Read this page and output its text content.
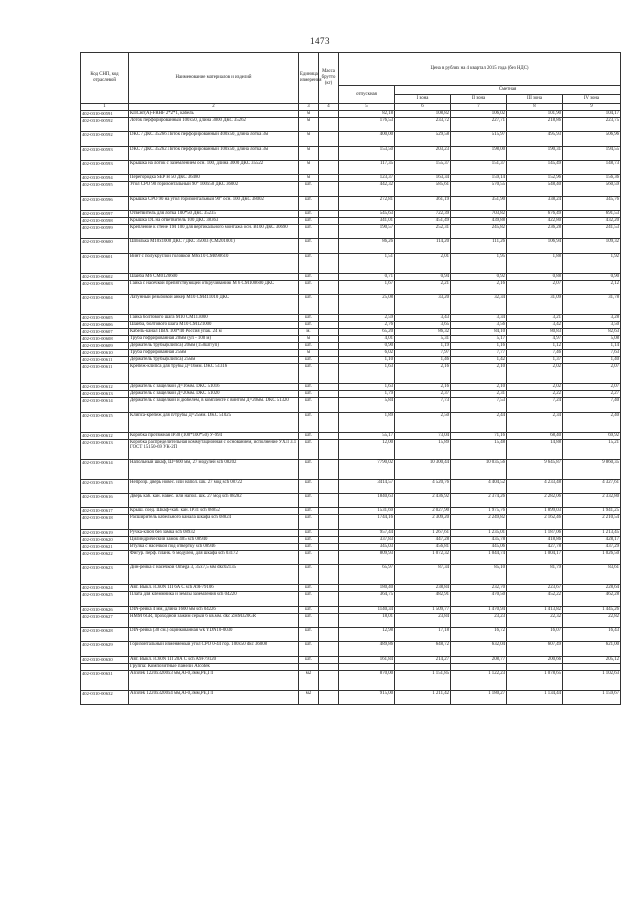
1473
Код СНП, код отраслевой	Наименование материалов и изделий	Единица измерения	Масса брутто (кг)	Цена в рублях на 4 квартал 2015 года (без НДС)				
				отпускная	Сметная			
					I зона	II зона	III зона	IV зона
1	2	3	4	5	6	7	8	9
402-0310-00591	КПСнг(А)-FRHF 2*2*1, кабель	м		82,18	108,82	106,02	101,90	104,17
402-0310-00592	Лоток перфорированный 100x50, длина 3000 ДКС 35262	м		176,53	233,72	227,71	218,86	223,75
402-0310-00592	DKC / ДКС 35266 Лоток перфорированный 400x50, длина лотка 3м	м		400,00	529,58	515,97	495,93	506,96
402-0310-00593	DKC / ДКС 35262 Лоток перфорированный 100x50, длина лотка 3м	м		153,50	203,23	198,00	190,31	194,55
402-0310-00593	Крышка на лоток с заземлением осн. 100, длина 3000 ДКС 35522	м		117,35	155,37	151,37	145,49	148,73
402-0310-00594	Перегородка SEP H 50 ДКС 36480	м		123,37	163,34	159,14	152,96	156,36
402-0310-00595	Угол СРО 90 горизонтальный 90° 100x50 ДКС 36002	шт.		442,32	585,61	570,55	548,40	560,59
402-0310-00596	Крышка CPO 90 на угол горизонтальный 90° осн. 100 ДКС 38002	шт.		272,81	361,19	351,90	338,24	345,76
402-0310-00597	Ответвитель для лотка 100*50 ДКС 35235	шт.		545,63	722,39	703,82	676,49	691,53
402-0310-00598	Крышка DL на ответвитель 100 ДКС 38363	шт.		341,01	451,49	439,88	422,80	432,20
402-0310-00599	Крепление к стене ТМ 100 для вертикального монтажа осн. В100 ДКС 30690	шт.		190,57	252,31	245,82	236,28	241,53
402-0310-00600	Шпилька М10x1000 ДКС / ДКС 35003 (СМ201001)	шт.		86,26	114,20	111,26	106,94	109,32
402-0310-00601	Винт с полукруглой головкой М6x10 СМ090610	шт.		1,51	2,01	1,95	1,88	1,92
402-0310-00602	Шайба М6 СМ0120600	шт.		0,71	0,94	0,92	0,88	0,90
402-0310-00603	Гайка с насечкой препятствующей откручиванию М 6 СМ100600 ДКС	шт.		1,67	2,21	2,16	2,07	2,12
402-0310-00604	Латунный резьбовой анкер М10 СМ411010 ДКС	шт.		25,08	33,20	32,34	31,09	31,78
402-0310-00605	Гайка болтового шага М10 СМ113000	шт.		2,59	3,43	3,34	3,21	3,28
402-0310-00606	Шайба, болтового шага М10 СМ121000	шт.		2,76	3,65	3,56	3,42	3,50
402-0310-00607	Кабель-канал ПВХ 100*40 Россия упак. 24 м	м.		65,20	86,32	84,10	80,83	82,63
402-0310-00608	Труба гофрированная 20мм (уп - 100 м)	м		4,01	5,31	5,17	4,97	5,08
402-0310-00609	Держатель трубы(клипса) 20мм (150шт/уп)	шт.		0,90	1,19	1,16	1,12	1,14
402-0310-00610	Труба гофрированная 25мм	м		6,02	7,97	7,77	7,46	7,63
402-0310-00611	Держатель трубы(клипса) 25мм	шт.		1,10	1,46	1,42	1,37	1,40
402-0310-00611	Крепеж-клипса для трубы Д=16мм. DKC 51316	шт.		1,63	2,16	2,10	2,02	2,07
402-0310-00612	Держатель с защелкой Д=16мм. DKC 51016	шт.		1,63	2,16	2,10	2,02	2,07
402-0310-00613	Держатель с защелкой Д=20мм. DKC 51020	шт.		1,79	2,37	2,31	2,22	2,27
402-0310-00614	Держатель с защелкой и дюбелем, в комплекте с винтом Д=20мм. DKC 51320	шт.		5,84	7,73	7,53	7,24	7,40
402-0310-00615	Клипса-крепеж для п/трубы Д=25мм. DKC 51025	шт.		1,89	2,50	2,44	2,34	2,40
402-0310-00612	Коробка протяжная IP30 (100*100*50) У-994	шт.		55,17	73,04	71,16	68,40	69,92
402-0310-00613	Коробка распределительная коммутационная с основанием, исполнение УХЛ 3.1 ГОСТ 15150-69 УК-2П	шт.		12,00	15,89	15,48	14,88	15,21
402-0310-00614	Напольный шкаф, Ш=600 мм, 27 модулей sch 08202	шт.		7790,02	10 300,44	10 035,56	9 645,87	9 860,35
402-0310-00615	Непрозр. дверь новес. или напол. шк. 27 мод sch 08722	шт.		3414,57	4 520,76	4 404,52	4 233,48	4 327,61
402-0310-00616	Дверь каб. кан. навес. или напол. шк. 27 мод sch 08282	шт.		1840,63	2 436,92	2 374,26	2 282,06	2 332,80
402-0310-00617	Крыш. соед. Шкаф+каб. кан. IP31 sch 08852	шт.		1531,69	2 027,90	1 975,76	1 899,03	1 941,25
402-0310-00618	Расширитель кабельного канала шкафа sch 08824	шт.		1744,16	2 309,20	2 249,82	2 162,46	2 210,54
402-0310-00619	Ручка-ключ без замка sch 08932	шт.		957,44	1 267,61	1 235,01	1 187,06	1 213,45
402-0310-00620	Цилиндрический замок 405 sch 08940	шт.		337,83	447,28	435,78	418,86	428,17
402-0310-00621	Втулка с насечкой под отвертку sch 08946	шт.		345,03	456,81	445,06	427,78	437,29
402-0310-00622	Фигур. перф. планк. 6 модулей, для шкафа sch 03172	шт.		809,93	1 072,32	1 044,74	1 004,17	1 026,50
402-0310-00623	Дин-рейка с насечкой Omega 3, 35x7,5 мм dkc02135	шт.		65,97	87,34	85,10	81,79	83,61
402-0310-00624	Авт. Выкл. iC60N 1П 6А С sch A9F79106	шт.		180,40	238,84	232,70	223,67	228,64
402-0310-00625	Плата для клеммника и землы заземления sch 04220	шт.		364,75	482,91	470,50	452,22	462,28
402-0310-00626	DIN-рейка 4 мм, длина 1600 мм sch 04226	шт.		1140,34	1 509,77	1 470,94	1 413,82	1 445,26
402-0310-00627	НММ 6GR, проходной зажим серый 6 кв.мм. dkc ZHM320GR	шт.		18,01	23,84	23,23	22,32	22,82
402-0310-00628	DIN-рейка (30 см.) оцинкованная wk YDN10-0030	шт.		12,98	17,18	16,72	16,07	16,43
402-0310-00629	Горизонтальный изменяемый угол СРО 0-44 гор. 100x50 dkc 36008	шт.		489,86	648,72	632,04	607,49	621,00
402-0310-00630	Авт. Выкл. iC60N 1П 20А С sch A9F79120	шт.		161,84	214,27	208,77	200,66	205,12
	Группа: Композитные панели Alcotek							
402-0310-00631	Alcotek 1220x3200x3 мм,Al-0,3мм,PE,Г4	м2		870,00	1 151,85	1 122,23	1 078,65	1 102,63
402-0310-00632	Alcotek 1220x3200x4 мм,Al-0,3мм,PE,Г4	м2		915,00	1 211,42	1 180,27	1 134,44	1 159,67
